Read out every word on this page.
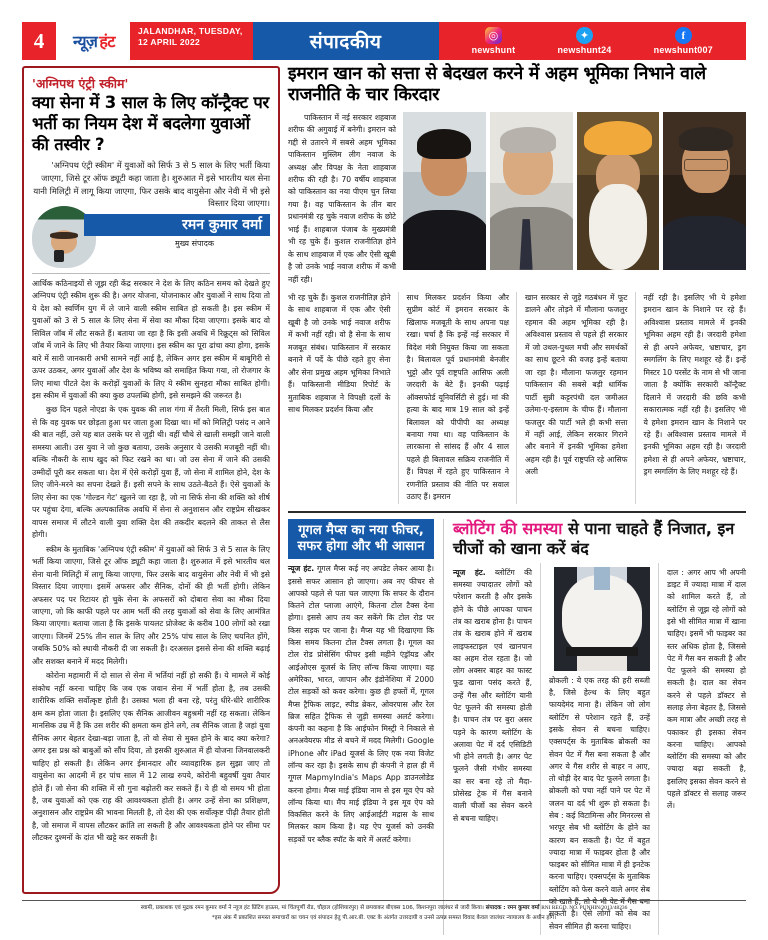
4	न्यूज़ हंट
JALANDHAR, TUESDAY,
12 APRIL 2022	संपादकीय	◎
newshunt
✦
newshunt24
f
newshunt007
'अग्निपथ एंट्री स्कीम'
क्या सेना में 3 साल के लिए कॉन्ट्रैक्ट पर भर्ती का नियम देश में बदलेगा युवाओं की तस्वीर ?
'अग्निपथ एंट्री स्कीम' में युवाओं को सिर्फ 3 से 5 साल के लिए भर्ती किया जाएगा, जिसे टूर ऑफ ड्यूटी कहा जाता है। शुरुआत में इसे भारतीय थल सेना यानी मिलिट्री में लागू किया जाएगा, फिर उसके बाद वायुसेना और नेवी में भी इसे विस्तार दिया जाएगा।
रमन कुमार वर्मा
मुख्य संपादक

आर्थिक कठिनाइयों से जूझ रही केंद्र सरकार ने देश के लिए कठिन समय को देखते हुए अग्निपथ एंट्री स्कीम शुरू की है। अगर योजना, योजनाकार और युवाओं ने साथ दिया तो ये देश को स्वर्णिम युग में ले जाने वाली स्कीम साबित हो सकती है। इस स्कीम में युवाओं को 3 से 5 साल के लिए सेना में सेवा का मौका दिया जाएगा। इसके बाद वो सिविल जॉब में लौट सकते हैं। बताया जा रहा है कि इसी अवधि में रिक्रूट्स को सिविल जॉब में जाने के लिए भी तैयार किया जाएगा। इस स्कीम का पूरा ढांचा क्या होगा, इसके बारे में सारी जानकारी अभी सामने नहीं आई है, लेकिन अगर इस स्कीम में बाबूगिरी से ऊपर उठकर, अगर युवाओं और देश के भविष्य को समाहित किया गया, तो रोजगार के लिए माथा पीटते देश के करोड़ों युवाओं के लिए ये स्कीम सुनहरा मौका साबित होगी। इस स्कीम में युवाओं की क्या कुछ उपलब्धि होगी, इसे समझने की जरूरत है।

कुछ दिन पहले नोएडा के एक युवक की लाश गंगा में तैरती मिली, सिर्फ इस बात से कि वह युवक घर छोड़ता हुआ घर जाता हुआ दिखा था। माँ को मिलिट्री पसंद न आने की बात नहीं, उसे यह बात उसके घर से जुड़ी थी। वहीं चौथे से खाली समझी जाने वाली समस्या आती। उस युवा ने जो कुछ बताया, उसके अनुसार ये उसकी मजबूरी नहीं थी। बल्कि नौकरी के साथ खुद को फिट रखने का था। जो उस सेना में जाने की उसकी उम्मीदों पूरी कर सकता था। देश में ऐसे करोड़ों युवा हैं, जो सेना में शामिल होने, देश के लिए जीने-मरने का सपना देखते हैं। इसी सपने के साथ उठते-बैठते हैं। ऐसे युवाओं के लिए सेना का एक 'गोल्डन गेट' खुलने जा रहा है, जो ना सिर्फ सेना की शक्ति को शीर्ष पर पहुंचा देगा, बल्कि अल्पकालिक अवधि में सेना से अनुशासन और राष्ट्रप्रेम सीखकर वापस समाज में लौटने वाली युवा शक्ति देश की तकदीर बदलने की ताकत से लैस होगी।

स्कीम के मुताबिक 'अग्निपथ एंट्री स्कीम' में युवाओं को सिर्फ 3 से 5 साल के लिए भर्ती किया जाएगा, जिसे टूर ऑफ ड्यूटी कहा जाता है। शुरुआत में इसे भारतीय थल सेना यानी मिलिट्री में लागू किया जाएगा, फिर उसके बाद वायुसेना और नेवी में भी इसे विस्तार दिया जाएगा। इसमें अफसर और सैनिक, दोनों की ही भर्ती होगी। लेकिन अफसर पद पर रिटायर हो चुके सेना के अफसरों को दोबारा सेवा का मौका दिया जाएगा, जो कि काफी पहले पर आम भर्ती की तरह युवाओं को सेवा के लिए आमंत्रित किया जाएगा। बताया जाता है कि इसके पायलट प्रोजेक्ट के करीब 100 लोगों को रखा जाएगा। जिनमें 25% तीन साल के लिए और 25% पांच साल के लिए चयनित होंगे, जबकि 50% को स्थायी नौकरी दी जा सकती है। दरअसल इससे सेना की शक्ति बढ़ाई और सशक्त बनाने में मदद मिलेगी।

कोरोना महामारी में दो साल से सेना में भर्तियां नहीं हो सकी हैं। ये मामले में कोई संकोच नहीं करना चाहिए कि जब एक जवान सेना में भर्ती होता है, तब उसकी शारीरिक शक्ति सर्वोत्कृष्ट होती है। उसका भला ही बना रहे, परंतु धीरे-धीरे शारीरिक क्षम कम होता जाता है। इसलिए एक सैनिक आजीवन बहुश्रमी नहीं रह सकता। लेकिन मानसिक उम्र में है कि उस शरीर की क्षमता कम होने लगे, तब सैनिक जाता है जहां युवा सैनिक अगर बेहतर देखा-बड़ा जाता है, तो वो सेवा से मुक्त होने के बाद क्या करेगा? अगर इस प्रश्न को बाबुओं को सौंप दिया, तो इसकी शुरुआत में ही योजना जिनवालकरी चाहिए हो सकती है। लेकिन अगर ईमानदार और व्यावहारिक हल सुझा जाए तो वायुसेना का आदमी में हर पांच साल में 12 लाख रुपये, कोरोनी बहुवर्षी युवा तैयार होते हैं। जो सेना की शक्ति में सौ गुना बढ़ोतरी कर सकते हैं। ये ही वो समय भी होता है, जब युवाओं को एक राह की आवश्यकता होती है। अगर उन्हें सेना का प्रशिक्षण, अनुशासन और राष्ट्रप्रेम की भावना मिलती है, तो देश की एक सर्वोत्कृष्ट पीढ़ी तैयार होती है, जो समाज में वापस लौटकर क्रांति ला सकती है और आवश्यकता होने पर सीमा पर लौटकर दुश्मनों के दांत भी खट्टे कर सकती है।

इमरान खान को सत्ता से बेदखल करने में अहम भूमिका निभाने वाले राजनीति के चार किरदार

पाकिस्तान में नई सरकार शहबाज शरीफ की अगुवाई में बनेगी। इमरान को गद्दी से उतारने में सबसे अहम भूमिका पाकिस्तान मुस्लिम लीग नवाज के अध्यक्ष और विपक्ष के नेता शाहबाज शरीफ की रही है। 70 वर्षीय शाहबाज को पाकिस्तान का नया पीएम चुन लिया गया है। वह पाकिस्तान के तीन बार प्रधानमंत्री रह चुके नवाज शरीफ के छोटे भाई हैं। शाहबाज पंजाब के मुख्यमंत्री भी रह चुके हैं। कुशल राजनीतिज्ञ होने के साथ शाहबाज में एक और ऐसी खूबी है जो उनके भाई नवाज शरीफ में कभी नहीं रही।

भी रह चुके हैं। कुशल राजनीतिज्ञ होने के साथ शाहबाज में एक और ऐसी खूबी है जो उनके भाई नवाज शरीफ में कभी नहीं रही। वो है सेना के साथ मजबूत संबंध। पाकिस्तान में सरकार बनाने में पर्दे के पीछे रहते हुए सेना और सेना प्रमुख अहम भूमिका निभाते हैं। पाकिस्तानी मीडिया रिपोर्ट के मुताबिक शहबाज ने विपक्षी दलों के साथ मिलकर प्रदर्शन किया और

साथ मिलकर प्रदर्शन किया और सुप्रीम कोर्ट में इमरान सरकार के खिलाफ मजबूती के साथ अपना पक्ष रखा। चर्चा है कि इन्हें नई सरकार में विदेश मंत्री नियुक्त किया जा सकता है। बिलावल पूर्व प्रधानमंत्री बेनजीर भुट्टो और पूर्व राष्ट्रपति आसिफ अली जरदारी के बेटे हैं। इनकी पढ़ाई ऑक्सफोर्ड यूनिवर्सिटी से हुई। मां की हत्या के बाद मात्र 19 साल को इन्हें बिलावल को पीपीपी का अध्यक्ष बनाया गया था। वह पाकिस्तान के लारकाना से सांसद हैं और 4 साल पहले ही बिलावल सक्रिय राजनीति में हैं। विपक्ष में रहते हुए पाकिस्तान ने रणनीति प्रस्ताव की नीति पर सवाल उठाए हैं। इमरान

खान सरकार से जुड़े गठबंधन में फूट डालने और तोड़ने में मौलाना फजलुर रहमान की अहम भूमिका रही है। अविश्वास प्रस्ताव से पहले ही सरकार में जो उथल-पुथल मची और समर्थकों का साथ छूटने की वजह इन्हें बताया जा रहा है। मौलाना फजलुर रहमान पाकिस्तान की सबसे बड़ी धार्मिक पार्टी सुन्नी कट्टरपंथी दल जमीअत उलेमा-ए-इस्लाम के चीफ हैं। मौलाना फजलुर की पार्टी भले ही कभी सत्ता में नहीं आई, लेकिन सरकार गिराने और बनाने में इनकी भूमिका हमेशा अहम रही है। पूर्व राष्ट्रपति रहे आसिफ अली

नहीं रही है। इसलिए भी ये हमेशा इमरान खान के निशाने पर रहे हैं। अविश्वास प्रस्ताव मामले में इनकी भूमिका अहम रही है। जरदारी हमेशा से ही अपने अफेयर, भ्रष्टाचार, ड्रग स्मगलिंग के लिए मशहूर रहे हैं। इन्हें मिस्टर 10 परसेंट के नाम से भी जाना जाता है क्योंकि सरकारी कॉन्ट्रैक्ट दिलाने में जरदारी की छवि कभी सकारात्मक नहीं रही है। इसलिए भी ये हमेशा इमरान खान के निशाने पर रहे हैं। अविश्वास प्रस्ताव मामले में इनकी भूमिका अहम रही है। जरदारी हमेशा से ही अपने अफेयर, भ्रष्टाचार, ड्रग स्मगलिंग के लिए मशहूर रहे हैं।

गूगल मैप्स का नया फीचर, सफर होगा और भी आसान

न्यूज हंट. गूगल मैप्स कई नए अपडेट लेकर आया है। इससे सफर आसान हो जाएगा। अब नए फीचर से आपको पहले से पता चल जाएगा कि सफर के दौरान कितने टोल प्लाजा आएंगे, कितना टोल टैक्स देना होगा। इससे आप तय कर सकेंगे कि टोल रोड पर किस सड़क पर जाना है। मैप्स यह भी दिखाएगा कि किस समय कितना टोल टैक्स लगता है। गूगल का टोल रोड प्रोसेसिंग फीचर इसी महीने एंड्रॉयड और आईओएस यूजर्स के लिए लॉन्च किया जाएगा। यह अमेरिका, भारत, जापान और इंडोनेशिया में 2000 टोल सड़कों को कवर करेगा। कुछ ही हफ्तों में, गूगल मैप्स ट्रैफिक लाइट, स्पीड ब्रेकर, ओवरपास और रेल ब्रिज सहित ट्रैफिक से जुड़ी समस्या अलर्ट करेगा। कंपनी का कहना है कि आईफोन मिस्ट्री ने निकाले से अनअवेयरफ मीड से बचने में मदद मिलेगी। Google iPhone और iPad यूजर्स के लिए एक नया विजेट लॉन्च कर रहा है। इसके साथ ही कंपनी ने हाल ही में गूगल MapmyIndia's Maps App डाउनलोडेड करना होगा। मैप्स माई इंडिया नाम से इस मूव ऐप को लॉन्च किया था। मैप माई इंडिया ने इस मूव ऐप को विकसित करने के लिए आईआईटी मद्रास के साथ मिलकर काम किया है। यह ऐप यूजर्स को उनकी सड़कों पर ब्लैक स्पॉट के बारे में अलर्ट करेगा।

ब्लोटिंग की समस्या से पाना चाहते हैं निजात, इन चीजों को खाना करें बंद

न्यूज हंट. ब्लोटिंग की समस्या ज्यादातर लोगों को परेशान करती है और इसके होने के पीछे आपका पाचन तंत्र का खराब होना है। पाचन तंत्र के खराब होने में खराब लाइफस्टाइल एवं खानपान का अहम रोल रहता है। जो लोग अक्सर बाहर का फास्ट फूड खाना पसंद करते हैं, उन्हें गैस और ब्लोटिंग यानी पेट फूलने की समस्या होती है। पाचन तंत्र पर बुरा असर पड़ने के कारण ब्लोटिंग के अलावा पेट में दर्द एसिडिटी भी होने लगती है। अगर पेट फूलने जैसी गंभीर समस्या का सर बना रहे तो मैदा-प्रोसेस्ड ट्रेक में गैस बनाने वाली चीजों का सेवन करने से बचना चाहिए।

ब्रोकली : ये एक तरह की हरी सब्जी है, जिसे हेल्थ के लिए बहुत फायदेमंद माना है। लेकिन जो लोग ब्लोटिंग से परेशान रहते हैं, उन्हें इसके सेवन से बचना चाहिए। एक्सपर्ट्स के मुताबिक ब्रोकली का सेवन पेट में गैस बना सकता है और अगर ये गैस शरीर से बाहर न आए, तो थोड़ी देर बाद पेट फूलने लगता है। ब्रोकली को पचा नहीं पाने पर पेट में जलन या दर्द भी शुरू हो सकता है। सेब : कई विटामिन्स और मिनरल्स से भरपूर सेब भी ब्लोटिंग के होने का कारण बन सकती है। पेट में बहुत ज्यादा मात्रा में फाइबर होता है और फाइबर को सीमित मात्रा में ही इनटेक करना चाहिए। एक्सपर्ट्स के मुताबिक ब्लोटिंग को फेस करने वाले अगर सेब को खाते हैं, तो ये भी पेट में गैस बना सकती है। ऐसे लोगों को सेब का सेवन सीमित ही करना चाहिए।

दाल : अगर आप भी अपनी डाइट में ज्यादा मात्रा में दाल को शामिल करते हैं, तो ब्लोटिंग से जूझ रहे लोगों को इसे भी सीमित मात्रा में खाना चाहिए। इसमें भी फाइबर का स्तर अधिक होता है, जिससे पेट में गैस बन सकती है और पेट फूलने की समस्या हो सकती है। दाल का सेवन करने से पहले डॉक्टर से सलाह लेना बेहतर है, जिससे कम मात्रा और अच्छी तरह से पकाकर ही इसका सेवन करना चाहिए। आपको ब्लोटिंग की समस्या को और ज्यादा बढ़ा सकती है, इसलिए इसका सेवन करने से पहले डॉक्टर से सलाह जरूर लें।

स्वामी, प्रकाशक एवं मुद्रक रमन कुमार वर्मा ने न्यूज हंट प्रिंटिंग हाऊस, मां चिंतपूर्णी रोड, चौहाल (होशियारपुर) से छपवाकर बीएक्स 106, किशनपुरा जालंधर से जारी किया। संपादक : रमन कुमार वर्मा RNI REGD. NO. PUNHIN/2013/48236
*इस अंक में प्रकाशित समस्त समाचारों का चयन एवं संपादन हेतु पी.आर.बी. एक्ट के अंतर्गत उत्तरदायी व उनसे उत्पन्न समस्त विवाद केवल जालंधर न्यायालय के अधीन होंगे।
